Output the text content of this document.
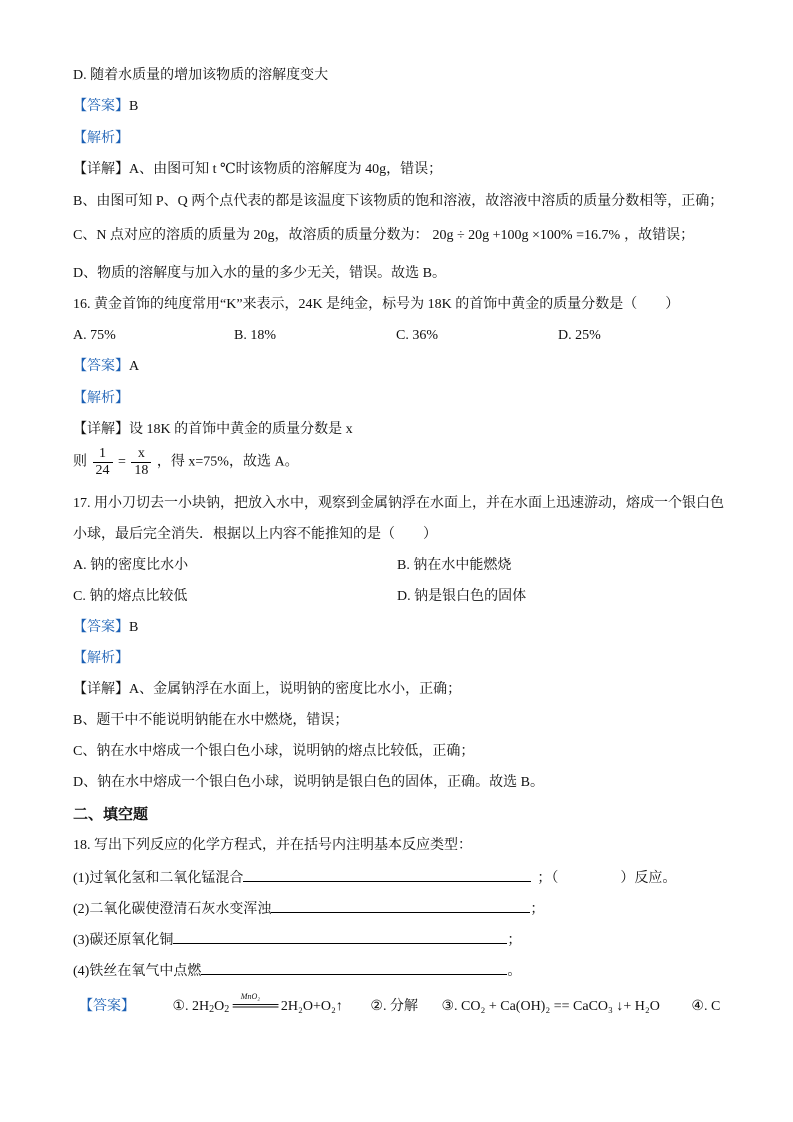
D. 随着水质量的增加该物质的溶解度变大
【答案】B
【解析】
【详解】A、由图可知 t ℃时该物质的溶解度为 40g，错误；
B、由图可知 P、Q 两个点代表的都是该温度下该物质的饱和溶液，故溶液中溶质的质量分数相等，正确；
C、N 点对应的溶质的质量为 20g，故溶质的质量分数为： 20g ÷ 20g +100g ×100% =16.7% ，故错误；
D、物质的溶解度与加入水的量的多少无关，错误。故选 B。
16. 黄金首饰的纯度常用“K”来表示，24K 是纯金，标号为 18K 的首饰中黄金的质量分数是（　　）
A. 75%	B. 18%	C. 36%	D. 25%
【答案】A
【解析】
【详解】设 18K 的首饰中黄金的质量分数是 x
则 $\frac{1}{24} = \frac{x}{18}$ ，得 x=75%，故选 A。
17. 用小刀切去一小块钠，把放入水中，观察到金属钠浮在水面上，并在水面上迅速游动，熔成一个银白色
小球，最后完全消失．根据以上内容不能推知的是（　　）
A. 钠的密度比水小	B. 钠在水中能燃烧
C. 钠的熔点比较低	D. 钠是银白色的固体
【答案】B
【解析】
【详解】A、金属钠浮在水面上，说明钠的密度比水小，正确；
B、题干中不能说明钠能在水中燃烧，错误；
C、钠在水中熔成一个银白色小球，说明钠的熔点比较低，正确；
D、钠在水中熔成一个银白色小球，说明钠是银白色的固体，正确。故选 B。
二、填空题
18. 写出下列反应的化学方程式，并在括号内注明基本反应类型：
(1)过氧化氢和二氧化锰混合	；（	）反应。
(2)二氧化碳使澄清石灰水变浑浊	；
(3)碳还原氧化铜	；
(4)铁丝在氧气中点燃	。
【答案】	①. $2H_2O_2$
MnO₂
═════ 2H₂O+O₂↑ ②. 分解 ③. CO₂ + Ca(OH)₂ == CaCO₃ ↓+ H₂O ④. C
